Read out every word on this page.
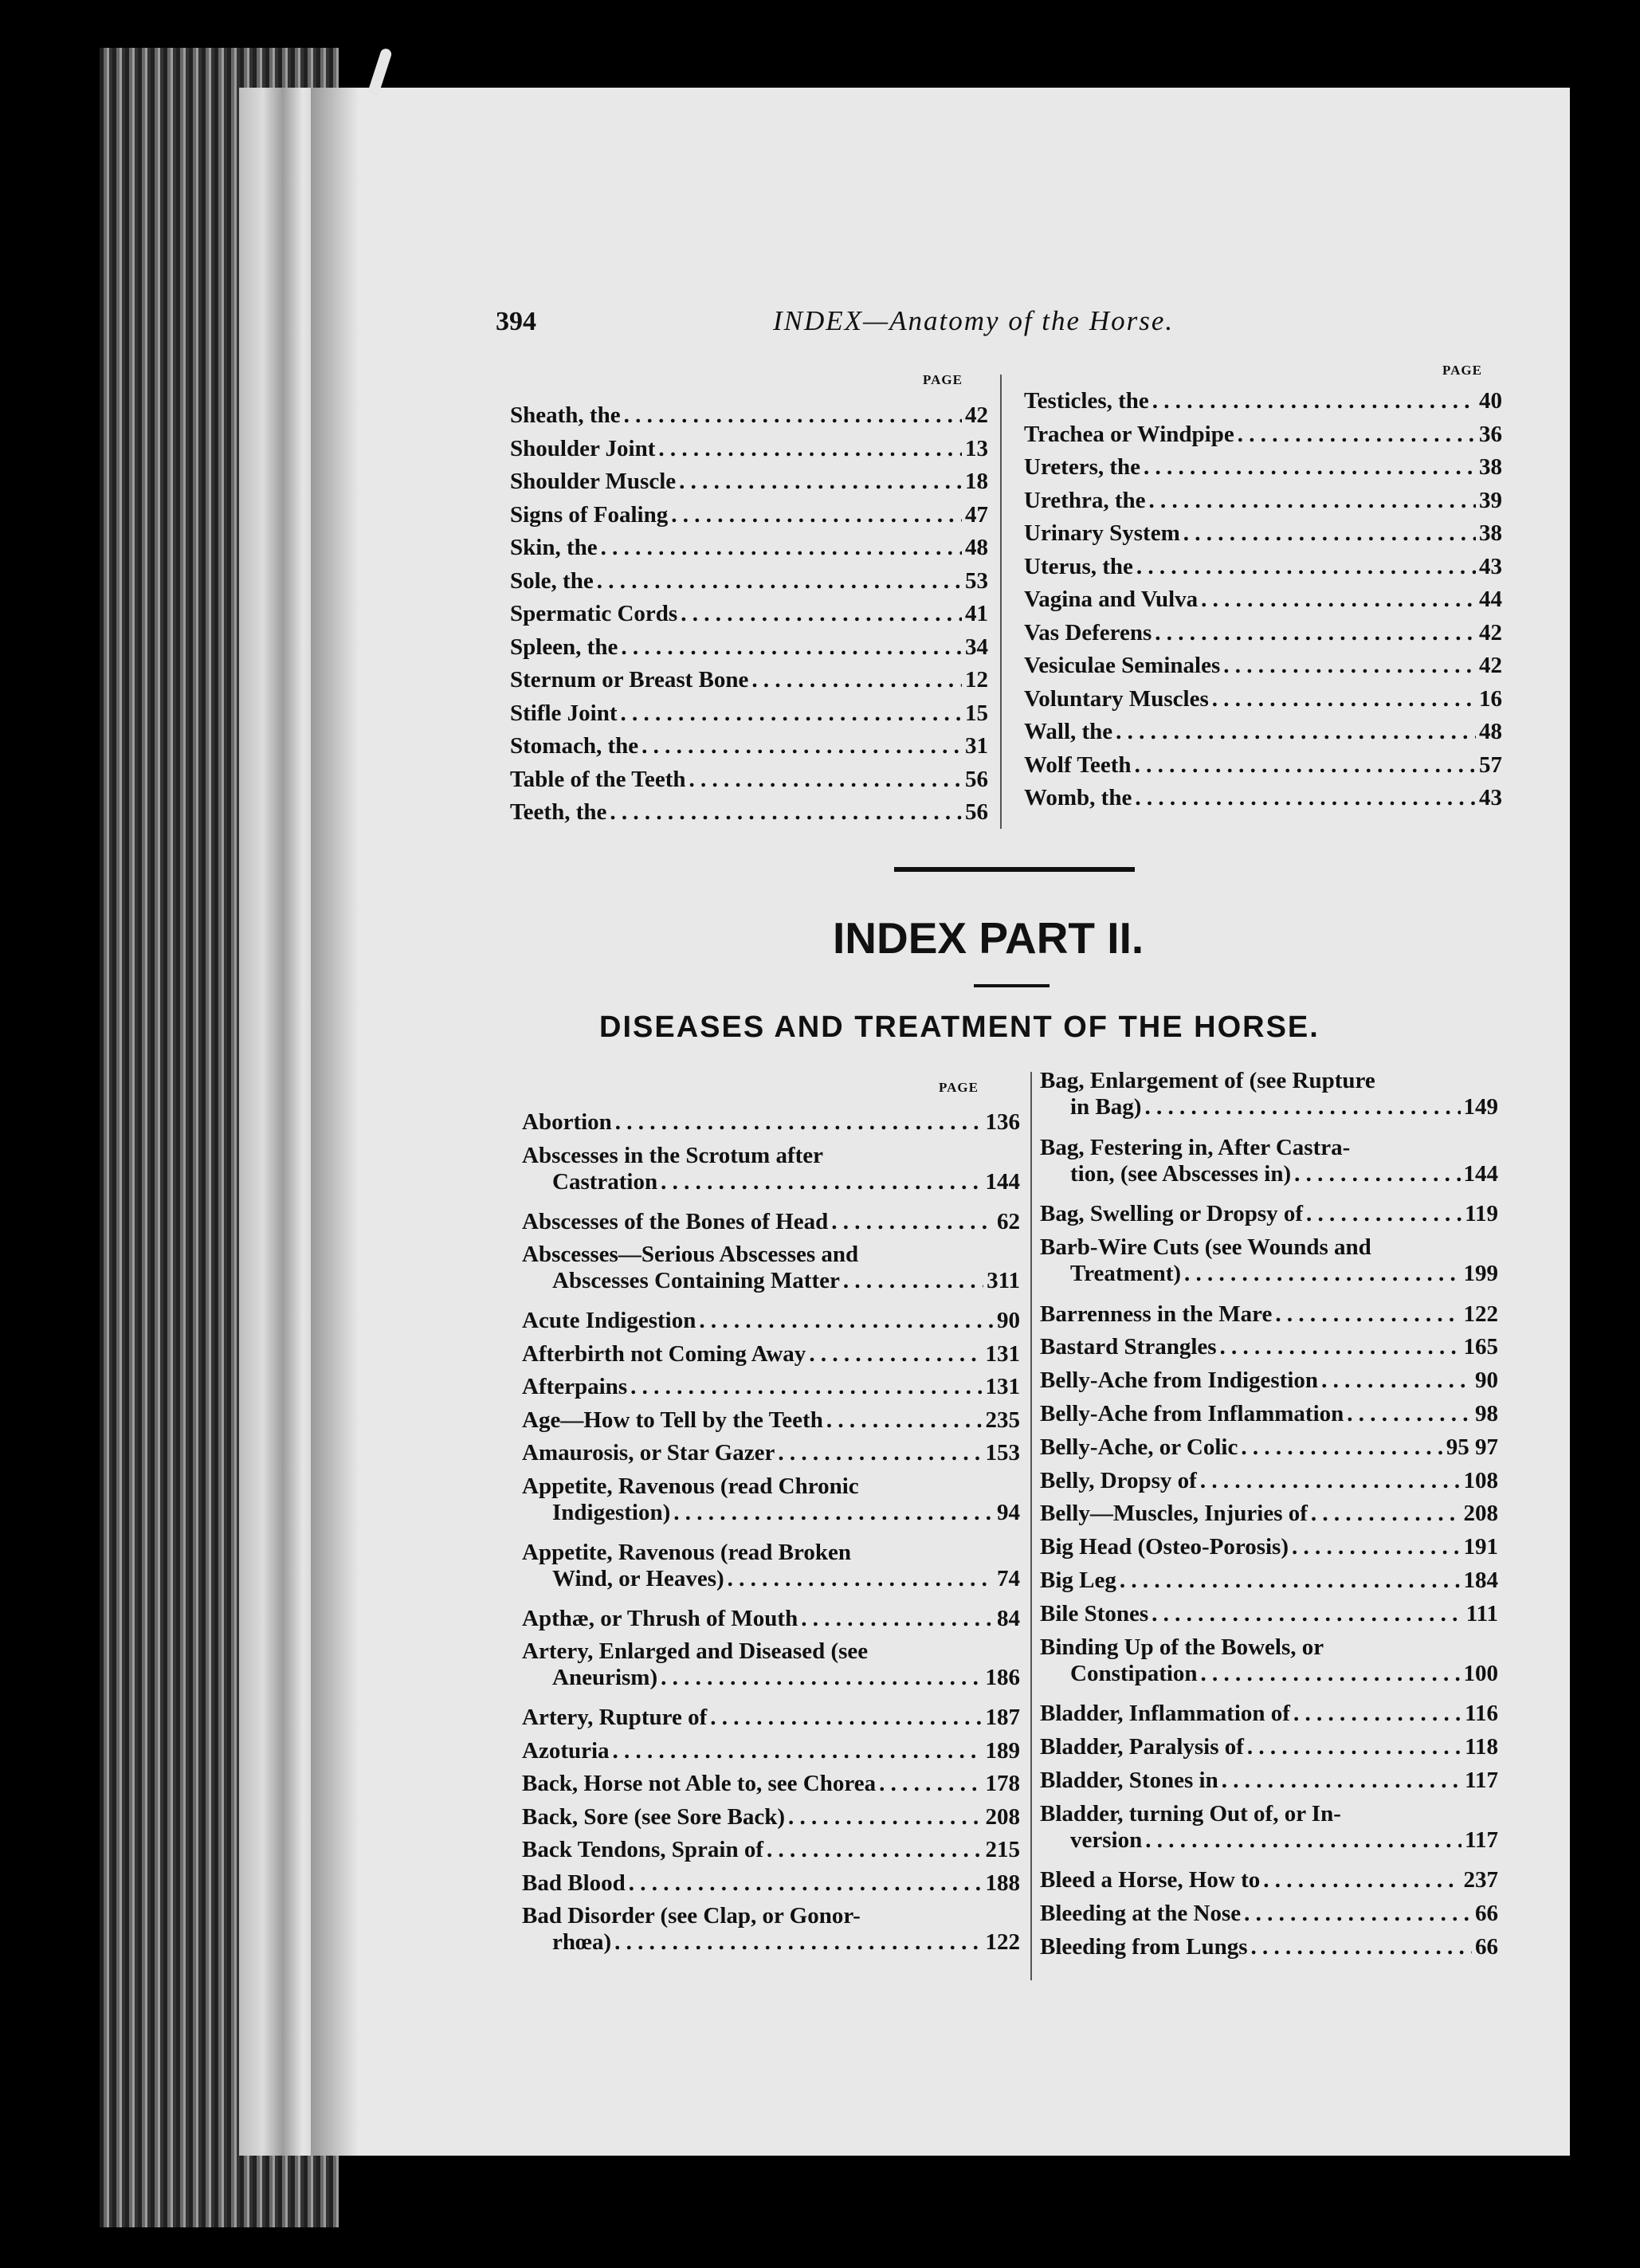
394	INDEX—Anatomy of the Horse.
PAGE
PAGE
Sheath, the . . .	42
Shoulder Joint . . .	13
Shoulder Muscle . . .	18
Signs of Foaling . . .	47
Skin, the . . .	48
Sole, the . . .	53
Spermatic Cords . . .	41
Spleen, the . . .	34
Sternum or Breast Bone . . .	12
Stifle Joint . . .	15
Stomach, the . . .	31
Table of the Teeth . . .	56
Teeth, the . . .	56
Testicles, the . . .	40
Trachea or Windpipe . . .	36
Ureters, the . . .	38
Urethra, the . . .	39
Urinary System . . .	38
Uterus, the . . .	43
Vagina and Vulva . . .	44
Vas Deferens . . .	42
Vesiculae Seminales . . .	42
Voluntary Muscles . . .	16
Wall, the . . .	48
Wolf Teeth . . .	57
Womb, the . . .	43
INDEX PART II.
DISEASES AND TREATMENT OF THE HORSE.
PAGE
Abortion . . .	136
Abscesses in the Scrotum after
Castration . . .	144
Abscesses of the Bones of Head . . .	62
Abscesses—Serious Abscesses and
Abscesses Containing Matter . . .	311
Acute Indigestion . . .	90
Afterbirth not Coming Away . . .	131
Afterpains . . .	131
Age—How to Tell by the Teeth . . .	235
Amaurosis, or Star Gazer . . .	153
Appetite, Ravenous (read Chronic
Indigestion) . . .	94
Appetite, Ravenous (read Broken
Wind, or Heaves) . . .	74
Apthæ, or Thrush of Mouth . . .	84
Artery, Enlarged and Diseased (see
Aneurism) . . .	186
Artery, Rupture of . . .	187
Azoturia . . .	189
Back, Horse not Able to, see Chorea . . .	178
Back, Sore (see Sore Back) . . .	208
Back Tendons, Sprain of . . .	215
Bad Blood . . .	188
Bad Disorder (see Clap, or Gonor-
rhœa) . . .	122
Bag, Enlargement of (see Rupture
in Bag) . . .	149
Bag, Festering in, After Castra-
tion, (see Abscesses in) . . .	144
Bag, Swelling or Dropsy of . . .	119
Barb-Wire Cuts (see Wounds and
Treatment) . . .	199
Barrenness in the Mare . . .	122
Bastard Strangles . . .	165
Belly-Ache from Indigestion . . .	90
Belly-Ache from Inflammation . . .	98
Belly-Ache, or Colic . . .	95 97
Belly, Dropsy of . . .	108
Belly—Muscles, Injuries of . . .	208
Big Head (Osteo-Porosis) . . .	191
Big Leg . . .	184
Bile Stones . . .	111
Binding Up of the Bowels, or
Constipation . . .	100
Bladder, Inflammation of . . .	116
Bladder, Paralysis of . . .	118
Bladder, Stones in . . .	117
Bladder, turning Out of, or In-
version . . .	117
Bleed a Horse, How to . . .	237
Bleeding at the Nose . . .	66
Bleeding from Lungs . . .	66
